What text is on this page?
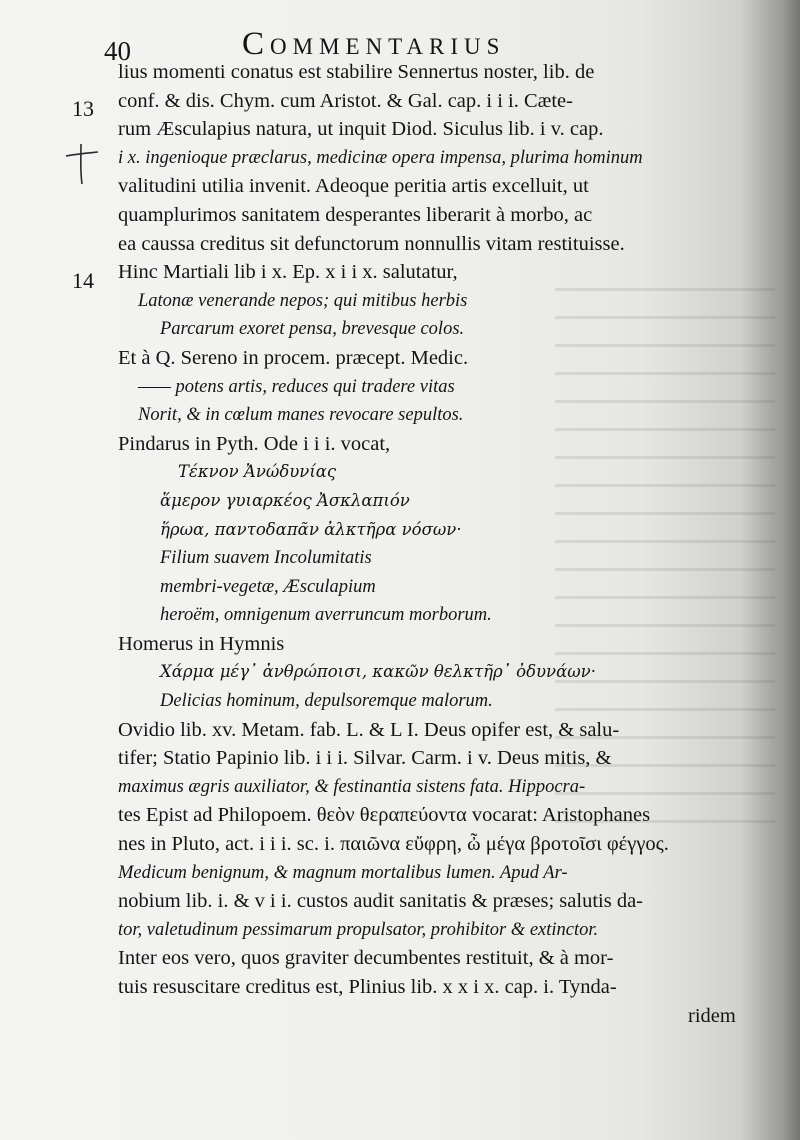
40	Commentarius
13
14
lius momenti conatus est stabilire Sennertus noster, lib. de
conf. & dis. Chym. cum Aristot. & Gal. cap. i i i. Cæte-
rum Æsculapius natura, ut inquit Diod. Siculus lib. i v. cap.
i x. ingenioque præclarus, medicinæ opera impensa, plurima hominum
valitudini utilia invenit. Adeoque peritia artis excelluit, ut
quamplurimos sanitatem desperantes liberarit à morbo, ac
ea caussa creditus sit defunctorum nonnullis vitam restituisse.
Hinc Martiali lib i x. Ep. x i i x. salutatur,
Latonæ venerande nepos; qui mitibus herbis
Parcarum exoret pensa, brevesque colos.
Et à Q. Sereno in procem. præcept. Medic.
—— potens artis, reduces qui tradere vitas
Norit, & in cœlum manes revocare sepultos.
Pindarus in Pyth. Ode i i i. vocat,
Τέκνον Ἀνώδυνίας
ἅμερον γυιαρκέος Ἀσκλαπιόν
ἥρωα, παντοδαπᾶν ἀλκτῆρα νόσων·
Filium suavem Incolumitatis
membri-vegetæ, Æsculapium
heroëm, omnigenum averruncum morborum.
Homerus in Hymnis
Χάρμα μέγ᾽ ἀνθρώποισι, κακῶν θελκτῆρ᾽ ὀδυνάων·
Delicias hominum, depulsoremque malorum.
Ovidio lib. xv. Metam. fab. L. & L I. Deus opifer est, & salu-
tifer; Statio Papinio lib. i i i. Silvar. Carm. i v. Deus mitis, &
maximus ægris auxiliator, & festinantia sistens fata. Hippocra-
tes Epist ad Philopoem. θεὸν θεραπεύοντα vocarat: Aristophanes
nes in Pluto, act. i i i. sc. i. παιῶνα εὔφρη, ὦ μέγα βροτοῖσι φέγγος.
Medicum benignum, & magnum mortalibus lumen. Apud Ar-
nobium lib. i. & v i i. custos audit sanitatis & præses; salutis da-
tor, valetudinum pessimarum propulsator, prohibitor & extinctor.
Inter eos vero, quos graviter decumbentes restituit, & à mor-
tuis resuscitare creditus est, Plinius lib. x x i x. cap. i. Tynda-
ridem
